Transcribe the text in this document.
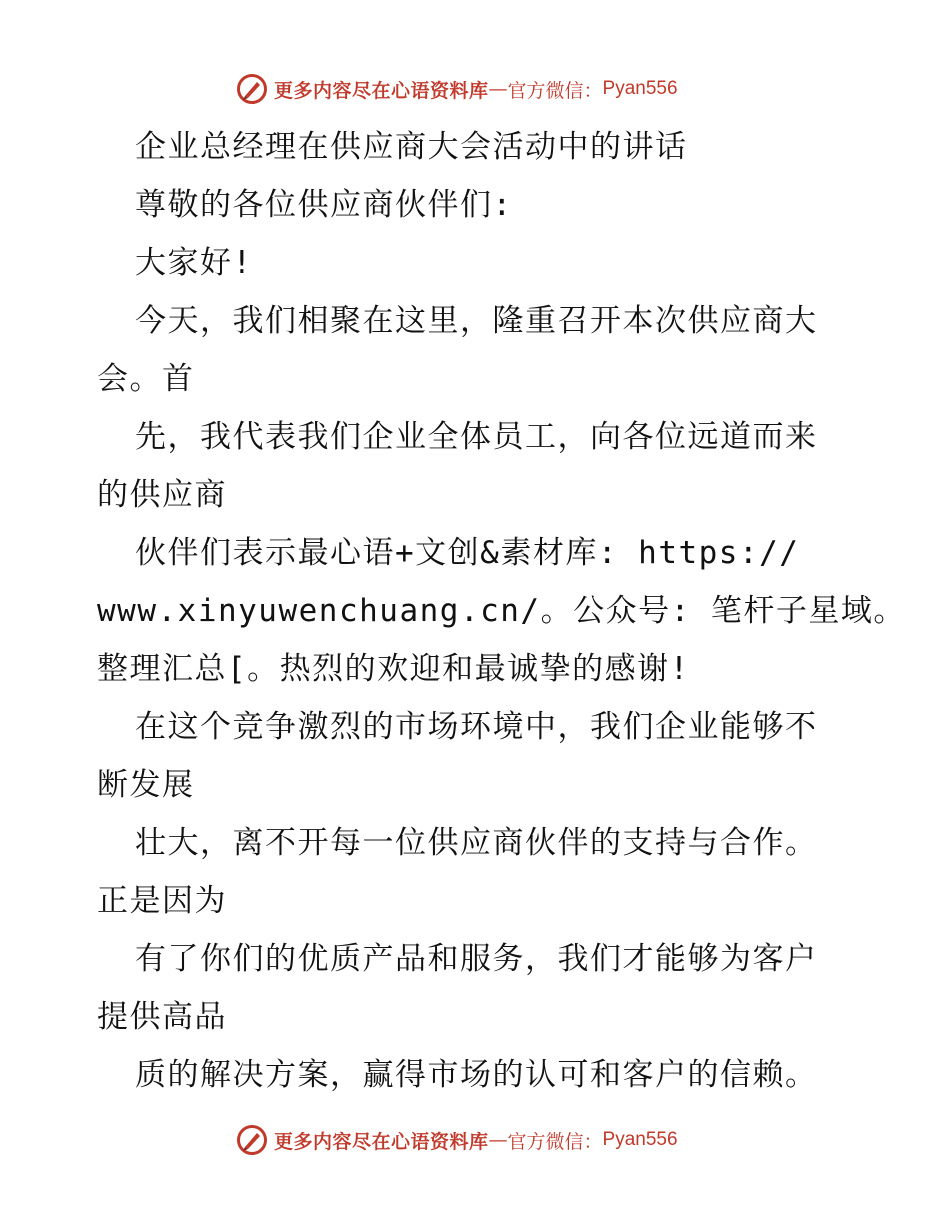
更多内容尽在心语资料库 — 官方微信： Pyan556
企业总经理在供应商大会活动中的讲话
尊敬的各位供应商伙伴们:
大家好!
今天，我们相聚在这里，隆重召开本次供应商大
会。首
先，我代表我们企业全体员工，向各位远道而来
的供应商
伙伴们表示最心语+文创&素材库: https://
www.xinyuwenchuang.cn/。公众号: 笔杆子星域。
整理汇总[。热烈的欢迎和最诚挚的感谢!
在这个竞争激烈的市场环境中，我们企业能够不
断发展
壮大，离不开每一位供应商伙伴的支持与合作。
正是因为
有了你们的优质产品和服务，我们才能够为客户
提供高品
质的解决方案，赢得市场的认可和客户的信赖。
更多内容尽在心语资料库 — 官方微信： Pyan556
